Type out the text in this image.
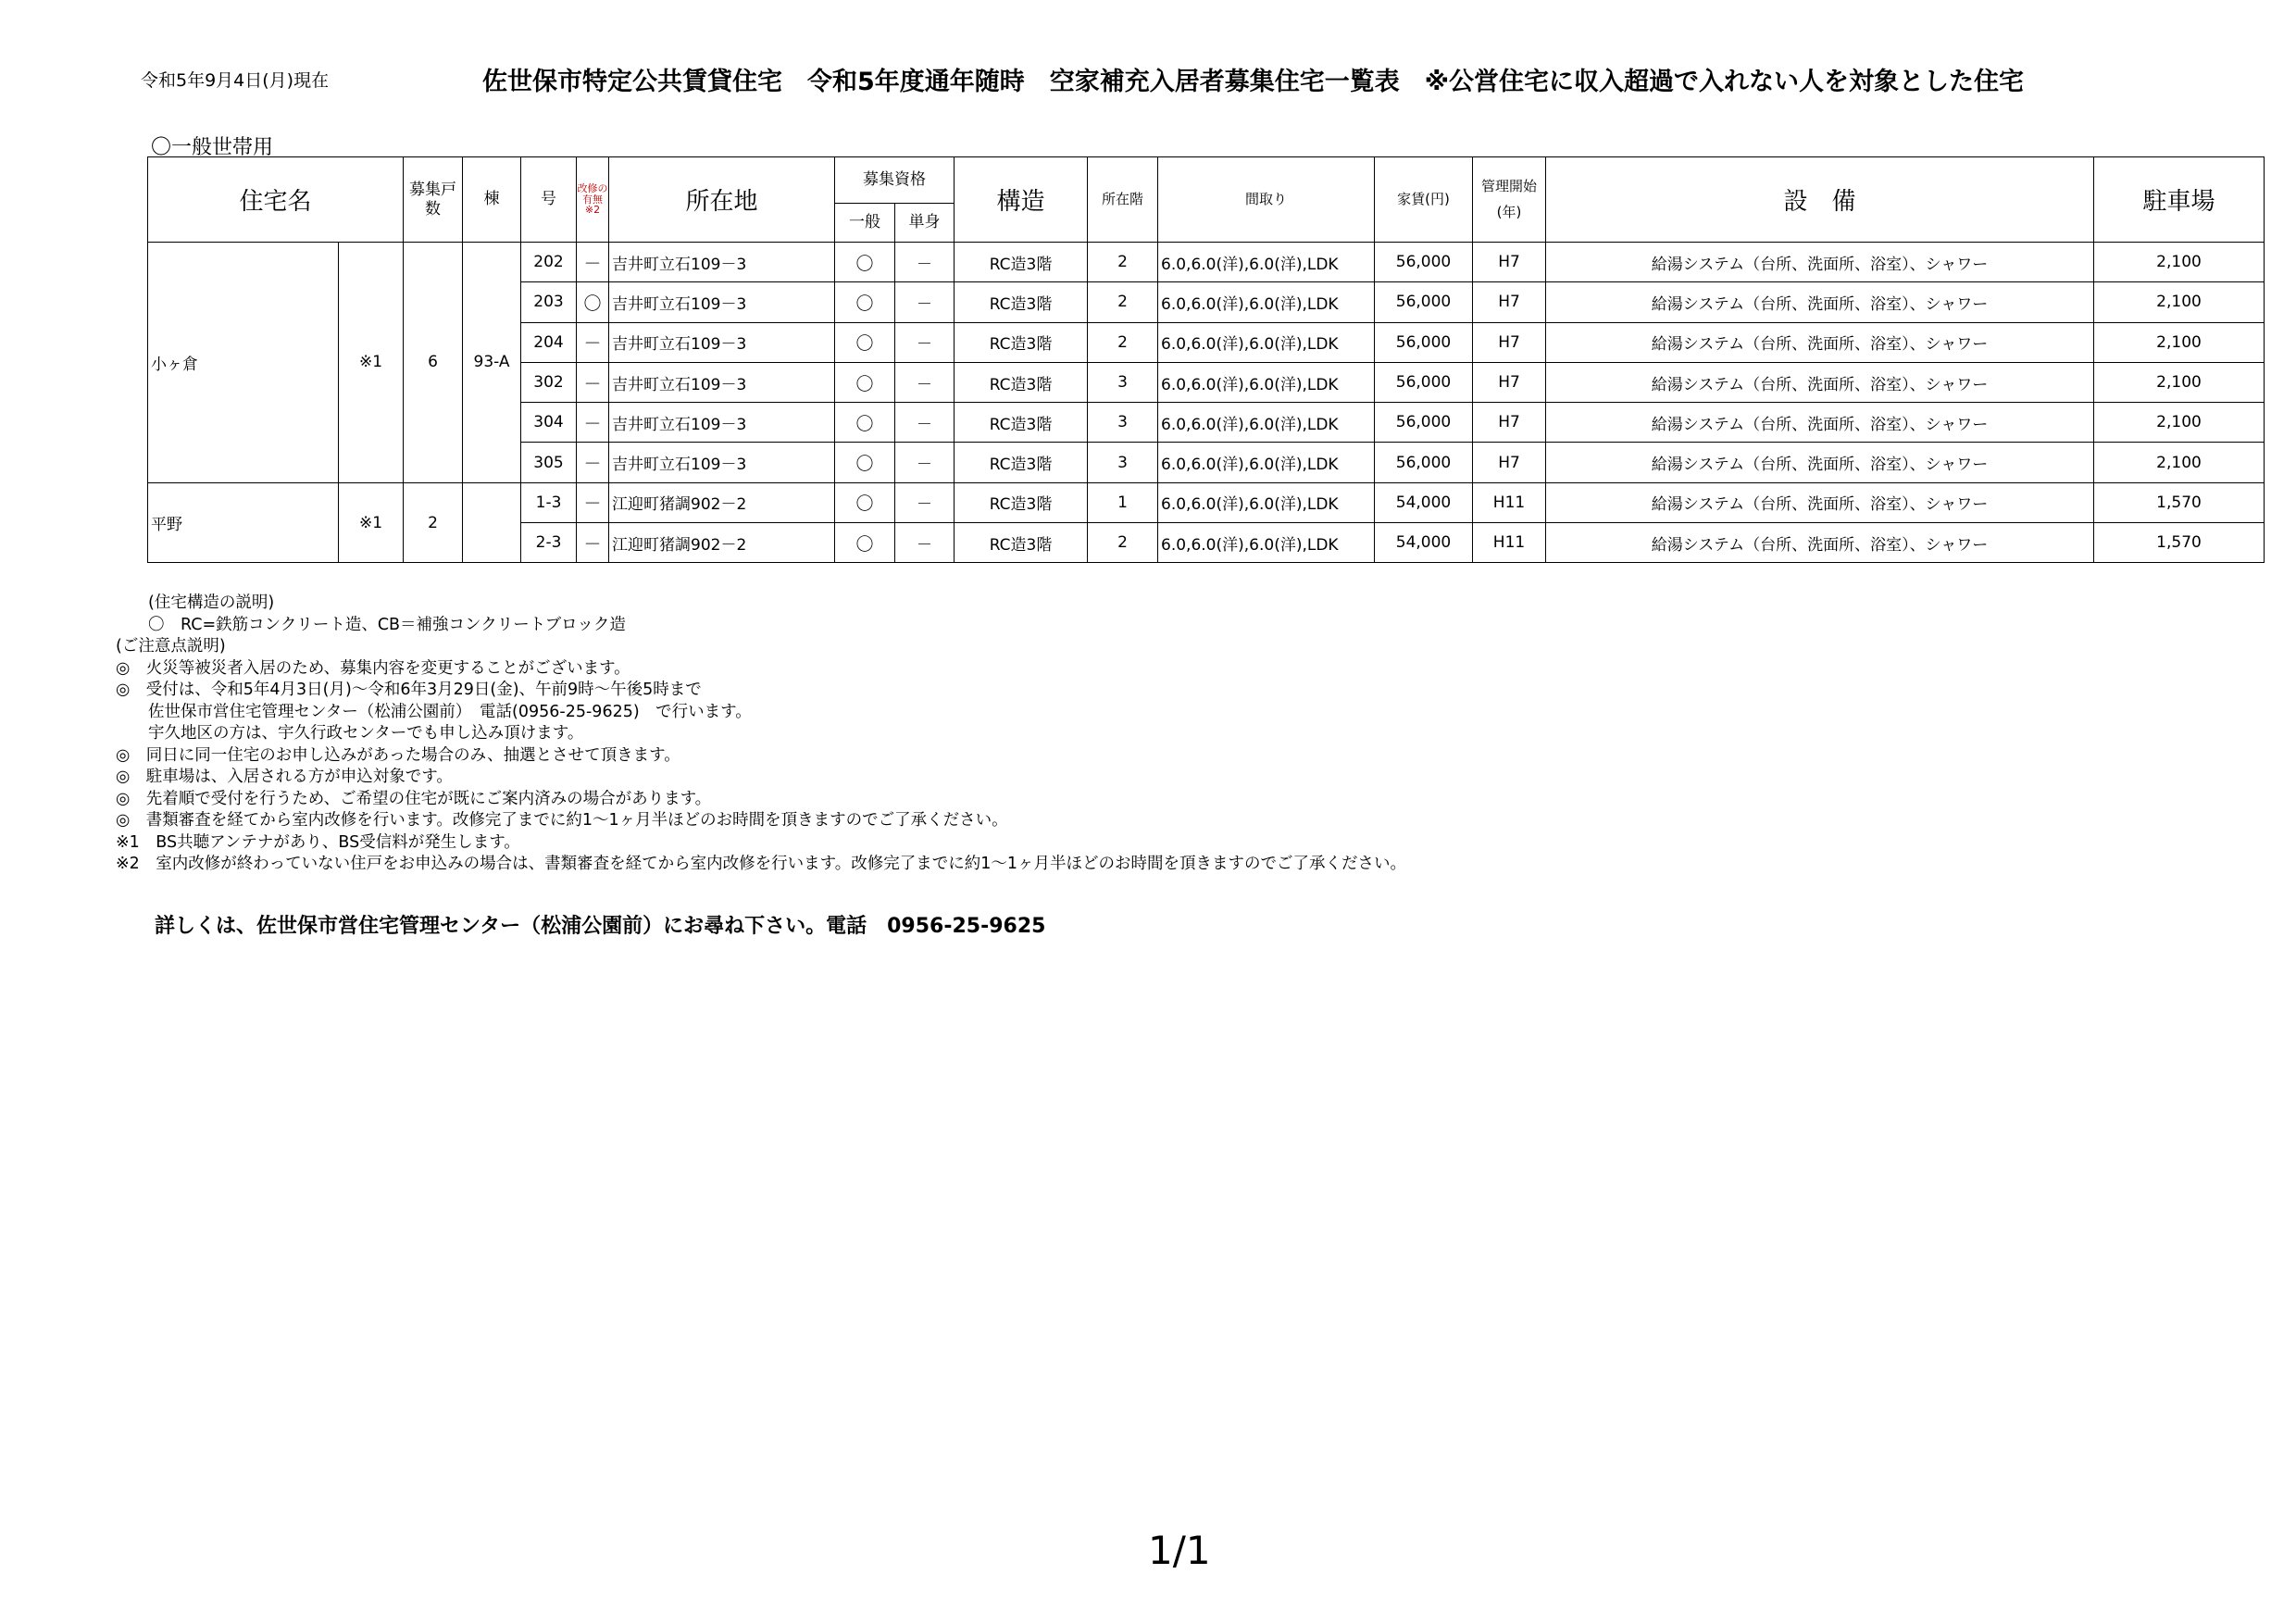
令和5年9月4日(月)現在	佐世保市特定公共賃貸住宅　令和5年度通年随時　空家補充入居者募集住宅一覧表　※公営住宅に収入超過で入れない人を対象とした住宅
〇一般世帯用
住宅名		募集戸数	棟	号	改修の有無※2	所在地	募集資格		構造	所在階	間取り	家賃(円)	管理開始
(年)	設　備	駐車場
							一般	単身							
小ヶ倉	※1	6	93-A	202	－	吉井町立石109－3	〇	－	RC造3階	2	6.0,6.0(洋),6.0(洋),LDK	56,000	H7	給湯システム（台所、洗面所、浴室）、シャワー	2,100
				203	〇	吉井町立石109－3	〇	－	RC造3階	2	6.0,6.0(洋),6.0(洋),LDK	56,000	H7	給湯システム（台所、洗面所、浴室）、シャワー	2,100
				204	－	吉井町立石109－3	〇	－	RC造3階	2	6.0,6.0(洋),6.0(洋),LDK	56,000	H7	給湯システム（台所、洗面所、浴室）、シャワー	2,100
				302	－	吉井町立石109－3	〇	－	RC造3階	3	6.0,6.0(洋),6.0(洋),LDK	56,000	H7	給湯システム（台所、洗面所、浴室）、シャワー	2,100
				304	－	吉井町立石109－3	〇	－	RC造3階	3	6.0,6.0(洋),6.0(洋),LDK	56,000	H7	給湯システム（台所、洗面所、浴室）、シャワー	2,100
				305	－	吉井町立石109－3	〇	－	RC造3階	3	6.0,6.0(洋),6.0(洋),LDK	56,000	H7	給湯システム（台所、洗面所、浴室）、シャワー	2,100
平野	※1	2		1-3	－	江迎町猪調902－2	〇	－	RC造3階	1	6.0,6.0(洋),6.0(洋),LDK	54,000	H11	給湯システム（台所、洗面所、浴室）、シャワー	1,570
				2-3	－	江迎町猪調902－2	〇	－	RC造3階	2	6.0,6.0(洋),6.0(洋),LDK	54,000	H11	給湯システム（台所、洗面所、浴室）、シャワー	1,570
　　(住宅構造の説明)
　　〇　RC=鉄筋コンクリート造、CB＝補強コンクリートブロック造
(ご注意点説明)
◎　火災等被災者入居のため、募集内容を変更することがございます。
◎　受付は、令和5年4月3日(月)～令和6年3月29日(金)、午前9時～午後5時まで
　　佐世保市営住宅管理センター（松浦公園前）　電話(0956-25-9625)　で行います。
　　宇久地区の方は、宇久行政センターでも申し込み頂けます。
◎　同日に同一住宅のお申し込みがあった場合のみ、抽選とさせて頂きます。
◎　駐車場は、入居される方が申込対象です。
◎　先着順で受付を行うため、ご希望の住宅が既にご案内済みの場合があります。
◎　書類審査を経てから室内改修を行います。改修完了までに約1～1ヶ月半ほどのお時間を頂きますのでご了承ください。
※1　BS共聴アンテナがあり、BS受信料が発生します。
※2　室内改修が終わっていない住戸をお申込みの場合は、書類審査を経てから室内改修を行います。改修完了までに約1～1ヶ月半ほどのお時間を頂きますのでご了承ください。
詳しくは、佐世保市営住宅管理センター（松浦公園前）にお尋ね下さい。電話　0956-25-9625
1/1
